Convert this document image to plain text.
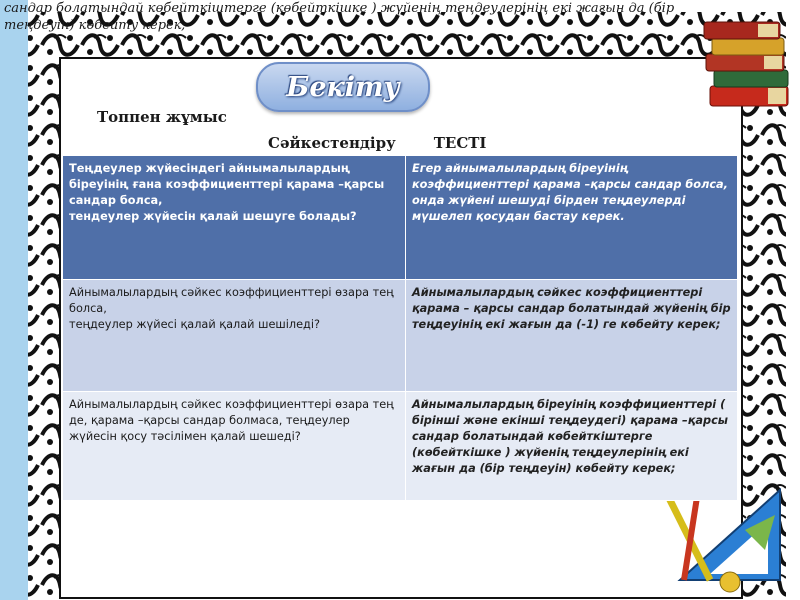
сандар болатындай көбейткіштерге (көбейткішке ) жүйенің теңдеулерінің екі жағын да (бір теңдеуін) көбейту керек;
Бекіту
Топпен жұмыс
Сәйкестендіру	ТЕСТІ
Теңдеулер жүйесіндегі айнымалылардың біреуінің ғана коэффициенттері қарама –қарсы сандар болса,
тендеулер жүйесін қалай шешуге болады?	Егер айнымалылардың біреуінің коэффициенттері қарама –қарсы сандар болса, онда жүйені шешуді бірден теңдеулерді мүшелеп қосудан бастау керек.
Айнымалылардың сәйкес коэффициенттері өзара тең болса,
теңдеулер жүйесі қалай қалай шешіледі?	Айнымалылардың сәйкес коэффициенттері қарама – қарсы сандар болатындай жүйенің бір теңдеуінің екі жағын да (-1) ге көбейту керек;
Айнымалылардың сәйкес коэффициенттері өзара тең де, қарама –қарсы сандар болмаса, теңдеулер жүйесін қосу тәсілімен қалай шешеді?	Айнымалылардың біреуінің коэффициенттері ( бірінші және екінші теңдеудегі) қарама –қарсы сандар болатындай көбейткіштерге (көбейткішке ) жүйенің теңдеулерінің екі жағын да (бір теңдеуін) көбейту керек;
